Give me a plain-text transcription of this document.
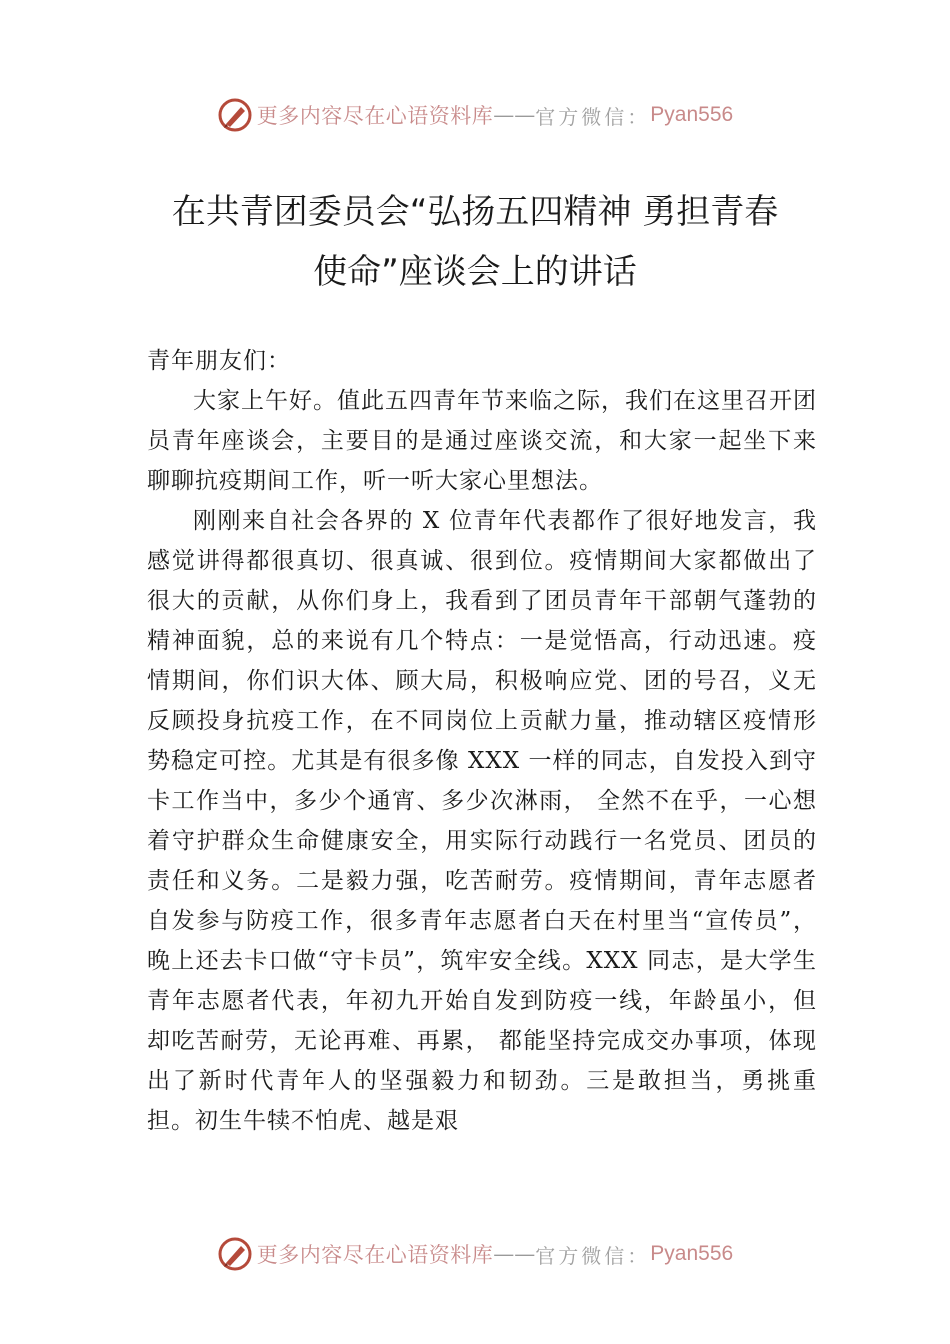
更多内容尽在心语资料库 —— 官方微信： Pyan556
在共青团委员会“弘扬五四精神 勇担青春
使命”座谈会上的讲话

青年朋友们：

大家上午好。值此五四青年节来临之际，我们在这里召开团员青年座谈会，主要目的是通过座谈交流，和大家一起坐下来聊聊抗疫期间工作，听一听大家心里想法。

刚刚来自社会各界的 X 位青年代表都作了很好地发言，我感觉讲得都很真切、很真诚、很到位。疫情期间大家都做出了很大的贡献，从你们身上，我看到了团员青年干部朝气蓬勃的精神面貌，总的来说有几个特点：一是觉悟高，行动迅速。疫情期间，你们识大体、顾大局，积极响应党、团的号召，义无反顾投身抗疫工作，在不同岗位上贡献力量，推动辖区疫情形势稳定可控。尤其是有很多像 XXX 一样的同志，自发投入到守卡工作当中，多少个通宵、多少次淋雨， 全然不在乎，一心想着守护群众生命健康安全，用实际行动践行一名党员、团员的责任和义务。二是毅力强，吃苦耐劳。疫情期间，青年志愿者自发参与防疫工作，很多青年志愿者白天在村里当“宣传员”，晚上还去卡口做“守卡员”，筑牢安全线。XXX 同志，是大学生青年志愿者代表，年初九开始自发到防疫一线，年龄虽小，但却吃苦耐劳，无论再难、再累， 都能坚持完成交办事项，体现出了新时代青年人的坚强毅力和韧劲。三是敢担当，勇挑重担。初生牛犊不怕虎、越是艰

更多内容尽在心语资料库 —— 官方微信： Pyan556
